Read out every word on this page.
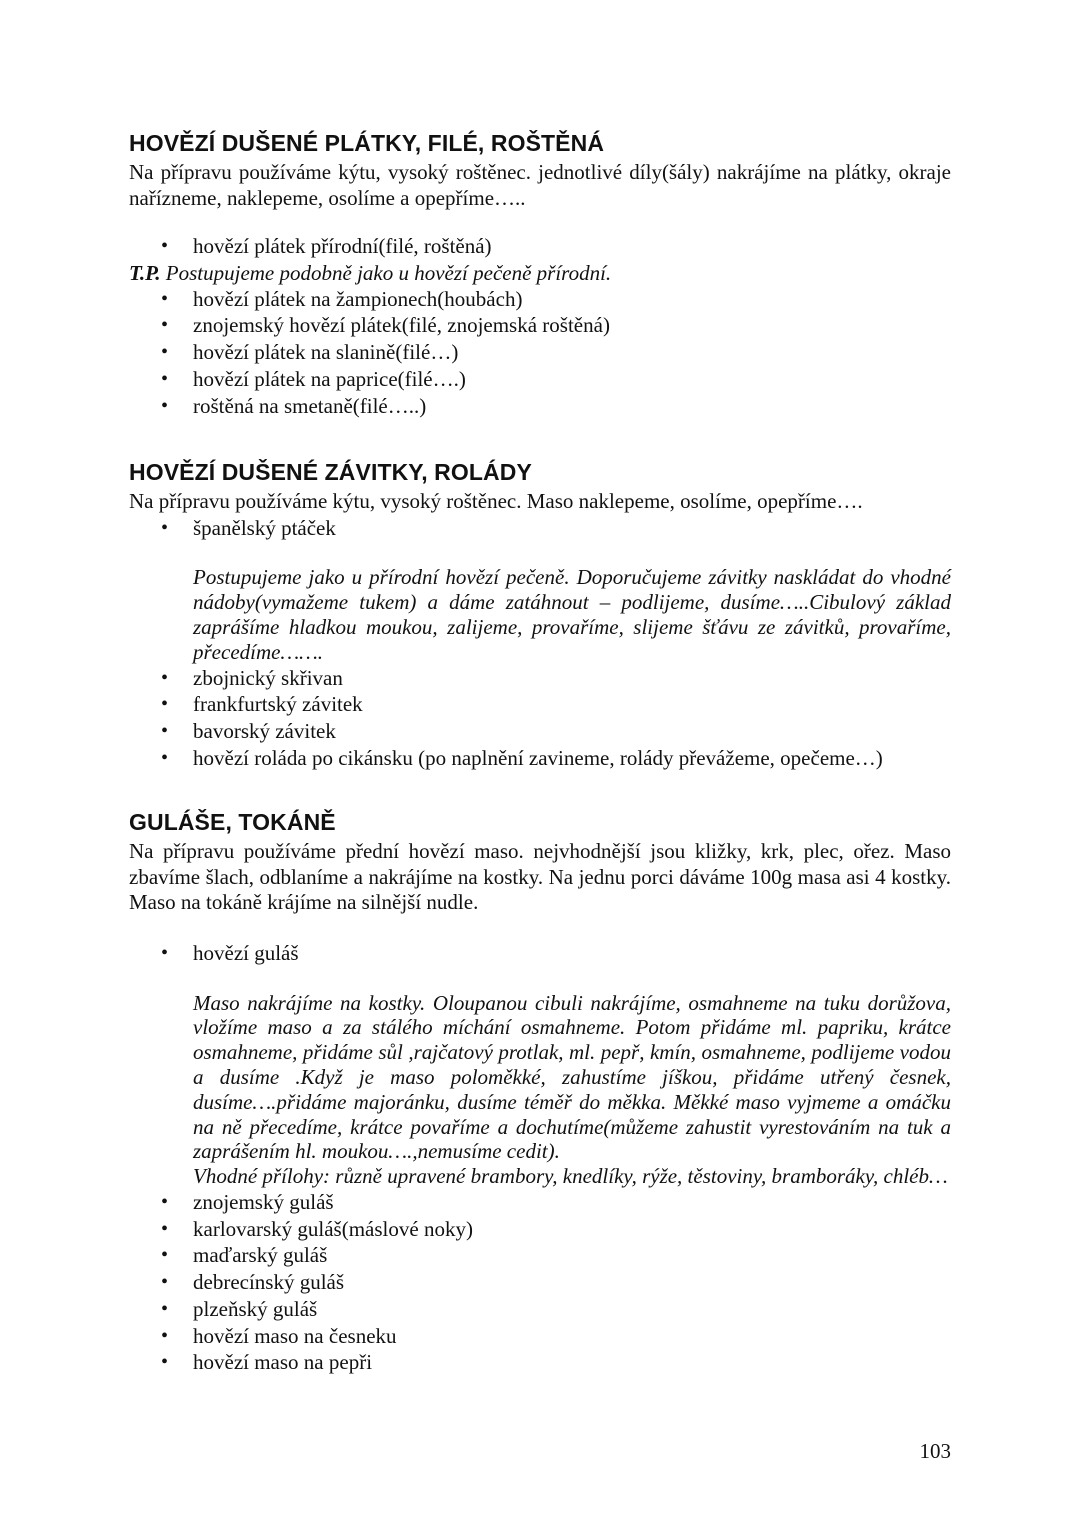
HOVĚZÍ DUŠENÉ PLÁTKY, FILÉ, ROŠTĚNÁ

Na přípravu používáme kýtu, vysoký roštěnec. jednotlivé díly(šály) nakrájíme na plátky, okraje nařízneme, naklepeme, osolíme a opepříme…..

• hovězí plátek přírodní(filé, roštěná)

T.P. Postupujeme podobně jako u hovězí pečeně přírodní.

• hovězí plátek na žampionech(houbách)
• znojemský hovězí plátek(filé, znojemská roštěná)
• hovězí plátek na slanině(filé…)
• hovězí plátek na paprice(filé….)
• roštěná na smetaně(filé…..)
HOVĚZÍ DUŠENÉ ZÁVITKY, ROLÁDY

Na přípravu používáme kýtu, vysoký roštěnec. Maso naklepeme, osolíme, opepříme….

• španělský ptáček

Postupujeme jako u přírodní hovězí pečeně. Doporučujeme závitky naskládat do vhodné nádoby(vymažeme tukem) a dáme zatáhnout – podlijeme, dusíme…..Cibulový základ zaprášíme hladkou moukou, zalijeme, provaříme, slijeme šťávu ze závitků, provaříme, přecedíme…….

• zbojnický skřivan
• frankfurtský závitek
• bavorský závitek
• hovězí roláda po cikánsku (po naplnění zavineme, rolády převážeme, opečeme…)
GULÁŠE, TOKÁNĚ

Na přípravu používáme přední hovězí maso. nejvhodnější jsou kližky, krk, plec, ořez. Maso zbavíme šlach, odblaníme a nakrájíme na kostky. Na jednu porci dáváme 100g masa asi 4 kostky. Maso na tokáně krájíme na silnější nudle.

• hovězí guláš

Maso nakrájíme na kostky. Oloupanou cibuli nakrájíme, osmahneme na tuku dorůžova, vložíme maso a za stálého míchání osmahneme. Potom přidáme ml. papriku, krátce osmahneme, přidáme sůl ,rajčatový protlak, ml. pepř, kmín, osmahneme, podlijeme vodou a dusíme .Když je maso poloměkké, zahustíme jíškou, přidáme utřený česnek, dusíme….přidáme majoránku, dusíme téměř do měkka. Měkké maso vyjmeme a omáčku na ně přecedíme, krátce povaříme a dochutíme(můžeme zahustit vyrestováním na tuk a zaprášením hl. moukou….,nemusíme cedit).

Vhodné přílohy: různě upravené brambory, knedlíky, rýže, těstoviny, bramboráky, chléb…

• znojemský guláš
• karlovarský guláš(máslové noky)
• maďarský guláš
• debrecínský guláš
• plzeňský guláš
• hovězí maso na česneku
• hovězí maso na pepři
103
